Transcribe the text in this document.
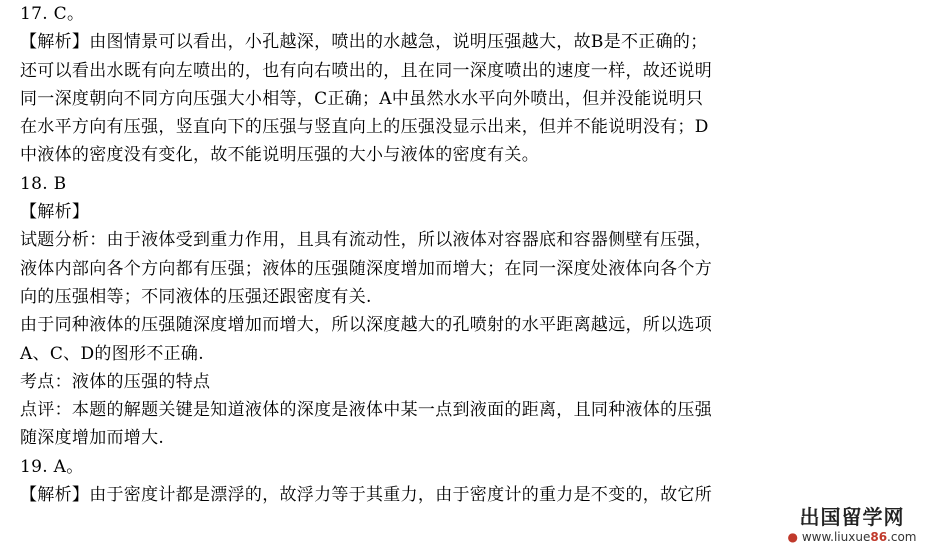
17. C。
【解析】由图情景可以看出，小孔越深，喷出的水越急，说明压强越大，故B是不正确的；
还可以看出水既有向左喷出的，也有向右喷出的，且在同一深度喷出的速度一样，故还说明
同一深度朝向不同方向压强大小相等，C正确；A中虽然水水平向外喷出，但并没能说明只
在水平方向有压强，竖直向下的压强与竖直向上的压强没显示出来，但并不能说明没有；D
中液体的密度没有变化，故不能说明压强的大小与液体的密度有关。
18. B
【解析】
试题分析：由于液体受到重力作用，且具有流动性，所以液体对容器底和容器侧壁有压强，
液体内部向各个方向都有压强；液体的压强随深度增加而增大；在同一深度处液体向各个方
向的压强相等；不同液体的压强还跟密度有关.
由于同种液体的压强随深度增加而增大，所以深度越大的孔喷射的水平距离越远，所以选项
A、C、D的图形不正确.
考点：液体的压强的特点
点评：本题的解题关键是知道液体的深度是液体中某一点到液面的距离，且同种液体的压强
随深度增加而增大.
19. A。
【解析】由于密度计都是漂浮的，故浮力等于其重力，由于密度计的重力是不变的，故它所
出国留学网
● www.liuxue86.com
